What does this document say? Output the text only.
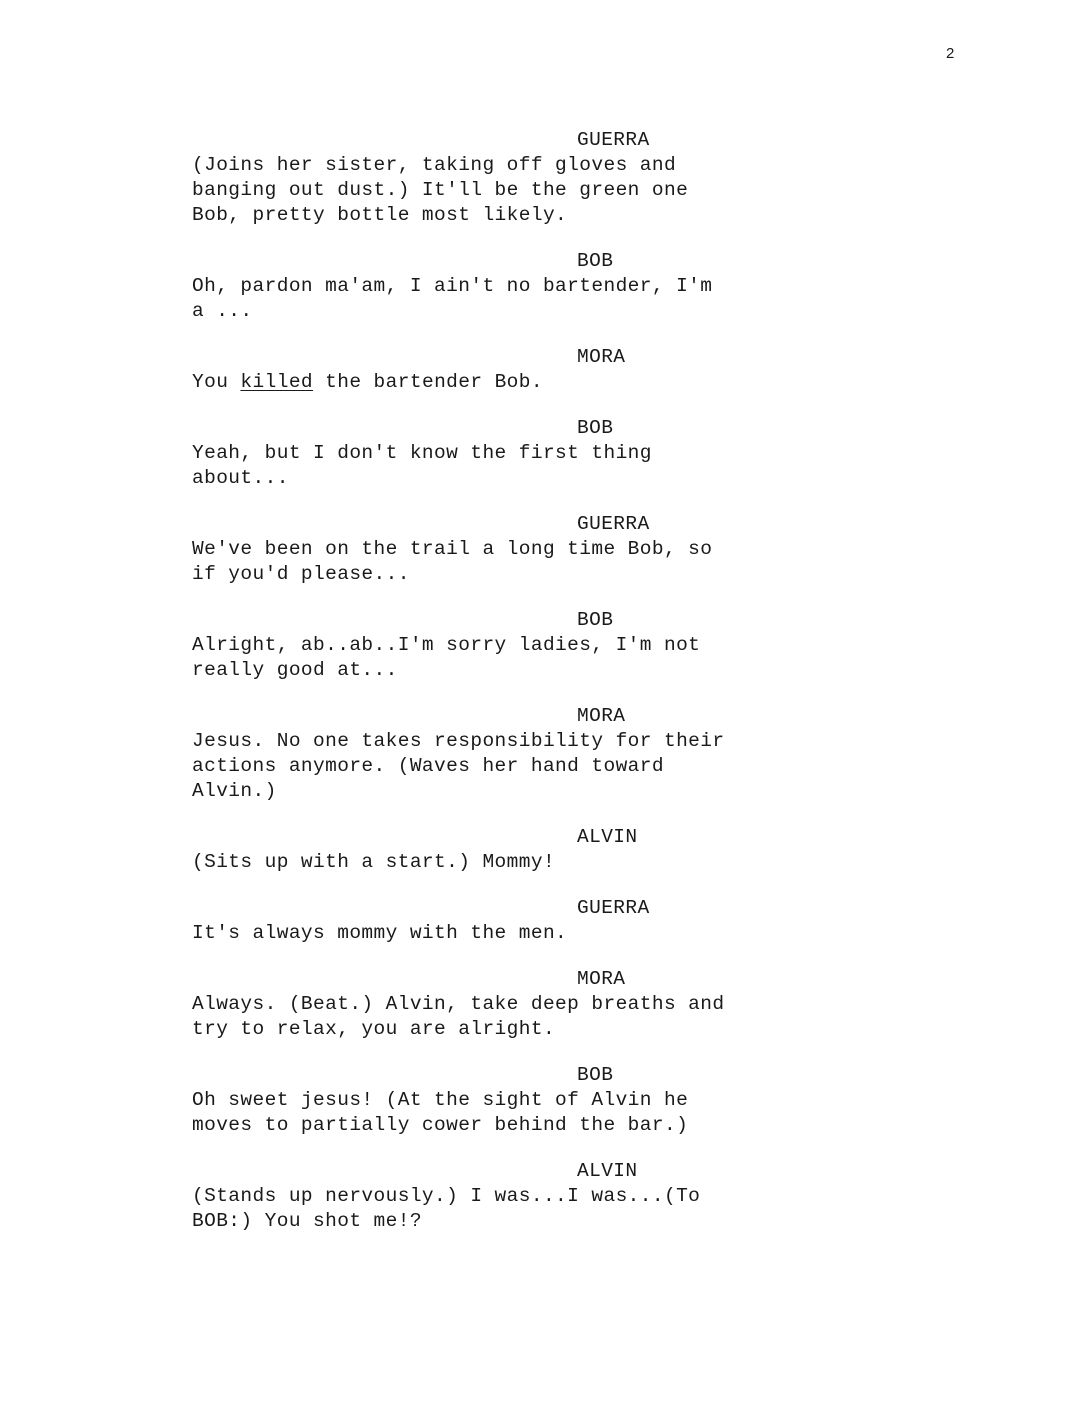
2
GUERRA
(Joins her sister, taking off gloves and
banging out dust.) It'll be the green one
Bob, pretty bottle most likely.
BOB
Oh, pardon ma'am, I ain't no bartender, I'm
a ...
MORA
You killed the bartender Bob.
BOB
Yeah, but I don't know the first thing
about...
GUERRA
We've been on the trail a long time Bob, so
if you'd please...
BOB
Alright, ab..ab..I'm sorry ladies, I'm not
really good at...
MORA
Jesus. No one takes responsibility for their
actions anymore. (Waves her hand toward
Alvin.)
ALVIN
(Sits up with a start.) Mommy!
GUERRA
It's always mommy with the men.
MORA
Always. (Beat.) Alvin, take deep breaths and
try to relax, you are alright.
BOB
Oh sweet jesus! (At the sight of Alvin he
moves to partially cower behind the bar.)
ALVIN
(Stands up nervously.) I was...I was...(To
BOB:) You shot me!?
